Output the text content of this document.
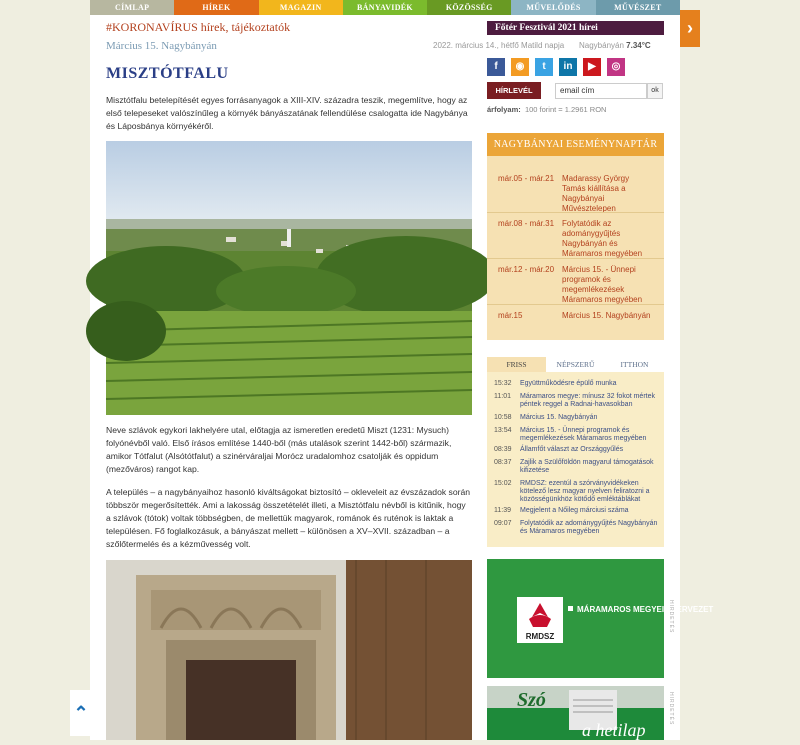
CÍMLAP	HÍREK	MAGAZIN	BÁNYAVIDÉK	KÖZÖSSÉG	MŰVELŐDÉS	MŰVÉSZET
›
#KORONAVÍRUS hírek, tájékoztatók	Főtér Fesztivál 2021 hírei
Március 15. Nagybányán	2022. március 14., hétfő Matild napja Nagybányán 7.34°C
MISZTÓTFALU

Misztótfalu betelepítését egyes forrásanyagok a XIII-XIV. századra teszik, megemlítve, hogy az első telepeseket valószínűleg a környék bányászatának fellendülése csalogatta ide Nagybánya és Láposbánya környékéről.

Neve szlávok egykori lakhelyére utal, előtagja az ismeretlen eredetű Miszt (1231: Mysuch) folyónévből való. Első írásos említése 1440-ből (más utalások szerint 1442-ből) származik, amikor Tótfalut (Alsótótfalut) a szinérváraljai Morócz uradalomhoz csatolják és oppidum (mezőváros) rangot kap.

A település – a nagybányaihoz hasonló kiváltságokat biztosító – okleveleit az évszázadok során többször megerősítették. Ami a lakosság összetételét illeti, a Misztótfalu névből is kitűnik, hogy a szlávok (tótok) voltak többségben, de mellettük magyarok, románok és ruténok is laktak a településen. Fő foglalkozásuk, a bányászat mellett – különösen a XV–XVII. században – a szőlőtermelés és a kézművesség volt.

f	◉	t	in	▶	◎
HÍRLEVÉL	email cím	ok
árfolyam: 100 forint = 1.2961 RON
NAGYBÁNYAI ESEMÉNYNAPTÁR
már.05 - már.21 Madarassy György Tamás kiállítása a Nagybányai Művésztelepen
már.08 - már.31 Folytatódik az adománygyűjtés Nagybányán és Máramaros megyében
már.12 - már.20 Március 15. - Ünnepi programok és megemlékezések Máramaros megyében
már.15	Március 15. Nagybányán
FRISS	NÉPSZERŰ	ITTHON
15:32 Együttműködésre épülő munka
11:01 Máramaros megye: mínusz 32 fokot mértek péntek reggel a Radnai-havasokban
10:58 Március 15. Nagybányán
13:54 Március 15. - Ünnepi programok és megemlékezések Máramaros megyében
08:39 Államfőt választ az Országgyűlés
08:37 Zajlik a Szülőföldön magyarul támogatások kifizetése
15:02 RMDSZ: ezentúl a szórványvidékeken kötelező lesz magyar nyelven feliratozni a közösségünkhöz kötődő emléktáblákat
11:39 Megjelent a Nőileg márciusi száma
09:07 Folytatódik az adománygyűjtés Nagybányán és Máramaros megyében
RMDSZ
MÁRAMAROS MEGYEI SZERVEZET
HIRDETÉS
Szó
a hetilap
HIRDETÉS
⌃
